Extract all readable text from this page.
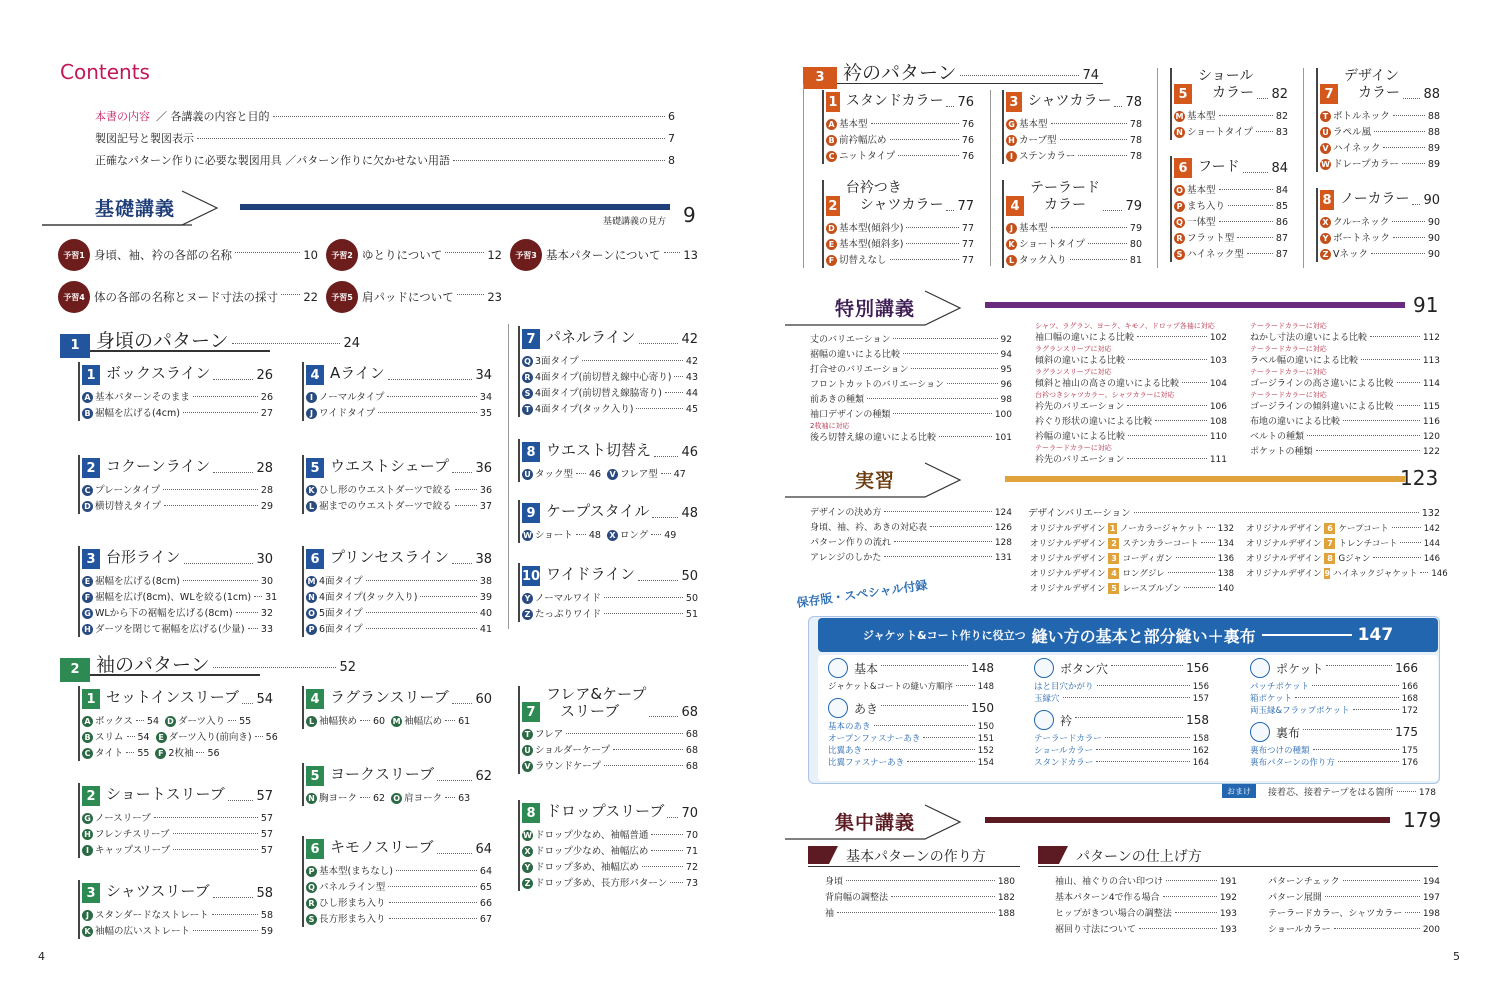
Contents
本書の内容 ／ 各講義の内容と目的	6
製図記号と製図表示	7
正確なパターン作りに必要な製図用具 ／パターン作りに欠かせない用語	8
基礎講義
基礎講義の見方 9
予習1 身頃、袖、衿の各部の名称	10	予習2 ゆとりについて	12	予習3 基本パターンについて 13
予習4 体の各部の名称とヌード寸法の採寸 22	予習5 肩パッドについて	23
1 身頃のパターン	24
1 ボックスライン	26
A 基本パターンそのまま	26
B 裾幅を広げる(4cm)	27
2 コクーンライン	28
C プレーンタイプ	28
D 横切替えタイプ	29
3 台形ライン	30
E 裾幅を広げる(8cm)	30
F 裾幅を広げ(8cm)、WLを絞る(1cm) 31
G WLから下の裾幅を広げる(8cm)	32
H ダーツを閉じて裾幅を広げる(少量) 33
4 Aライン	34
I ノーマルタイプ	34
J ワイドタイプ	35
5 ウエストシェープ 36
K ひし形のウエストダーツで絞る	36
L 裾までのウエストダーツで絞る	37
6 プリンセスライン 38
M 4面タイプ	38
N 4面タイプ(タック入り)	39
O 5面タイプ	40
P 6面タイプ	41
7 パネルライン	42
Q 3面タイプ	42
R 4面タイプ(前切替え線中心寄り) 43
S 4面タイプ(前切替え線脇寄り)	44
T 4面タイプ(タック入り)	45
8 ウエスト切替え 46
U タック型 46 V フレア型 47
9 ケープスタイル 48
W ショート 48	X ロング 49
10 ワイドライン	50
Y ノーマルワイド	50
Z たっぷりワイド	51
2 袖のパターン	52
1 セットインスリーブ 54
A ボックス 54 D ダーツ入り 55
B スリム 54	E ダーツ入り(前向き) 56
C タイト 55	F 2枚袖 56
2 ショートスリーブ 57
G ノースリーブ	57
H フレンチスリーブ	57
I キャップスリーブ	57
3 シャツスリーブ	58
J スタンダードなストレート	58
K 袖幅の広いストレート	59
4 ラグランスリーブ 60
L 袖幅狭め 60 M 袖幅広め 61
5 ヨークスリーブ	62
N 胸ヨーク 62 O 肩ヨーク 63
6 キモノスリーブ	64
P 基本型(まちなし)	64
Q パネルライン型	65
R ひし形まち入り	66
S 長方形まち入り	67
7
フレア&ケープ
スリーブ	68
T フレア	68
U ショルダーケープ	68
V ラウンドケープ	68
8 ドロップスリーブ 70
W ドロップ少なめ、袖幅普通	70
X ドロップ少なめ、袖幅広め	71
Y ドロップ多め、袖幅広め	72
Z ドロップ多め、長方形パターン 73
4
3 衿のパターン	74
1 スタンドカラー 76
A 基本型	76
B 前衿幅広め	76
C ニットタイプ	76
2
台衿つき
シャツカラー 77
D 基本型(傾斜少)	77
E 基本型(傾斜多)	77
F 切替えなし	77
3 シャツカラー 78
G 基本型	78
H カーブ型	78
I ステンカラー	78
4
テーラード
カラー	79
J 基本型	79
K ショートタイプ	80
L タック入り	81
5
ショール
カラー 82
M 基本型	82
N ショートタイプ 83
6 フード 84
O 基本型	84
P まち入り	85
Q 一体型	86
R フラット型	87
S ハイネック型	87
7
デザイン
カラー 88
T ボトルネック	88
U ラペル風	88
V ハイネック	89
W ドレープカラー	89
8 ノーカラー 90
X クルーネック	90
Y ボートネック	90
Z Vネック	90
特別講義	91
丈のバリエーション	92
裾幅の違いによる比較	94
打合せのバリエーション	95
フロントカットのバリエーション	96
前あきの種類	98
袖口デザインの種類	100
2枚袖に対応
後ろ切替え線の違いによる比較	101
シャツ、ラグラン、ヨーク、キモノ、ドロップ各袖に対応
袖口幅の違いによる比較	102
ラグランスリーブに対応
傾斜の違いによる比較	103
ラグランスリーブに対応
傾斜と袖山の高さの違いによる比較	104
台衿つきシャツカラー、シャツカラーに対応
衿先のバリエーション	106
衿ぐり形状の違いによる比較	108
衿幅の違いによる比較	110
テーラードカラーに対応
衿先のバリエーション	111
テーラードカラーに対応
ねかし寸法の違いによる比較	112
テーラードカラーに対応
ラペル幅の違いによる比較	113
テーラードカラーに対応
ゴージラインの高さ違いによる比較	114
テーラードカラーに対応
ゴージラインの傾斜違いによる比較	115
布地の違いによる比較	116
ベルトの種類	120
ポケットの種類	122
実習	123
デザインの決め方	124
身頃、袖、衿、あきの対応表	126
パターン作りの流れ	128
アレンジのしかた	131
デザインバリエーション	132
オリジナルデザイン 1 ノーカラージャケット 132
オリジナルデザイン 2 ステンカラーコート 134
オリジナルデザイン 3 コーディガン	136
オリジナルデザイン 4 ロングジレ	138
オリジナルデザイン 5 レースブルゾン	140
オリジナルデザイン 6 ケープコート	142
オリジナルデザイン 7 トレンチコート	144
オリジナルデザイン 8 Gジャン	146
オリジナルデザイン 9 ハイネックジャケット 146
保存版・スペシャル付録
ジャケット&コート作りに役立つ 縫い方の基本と部分縫い＋裏布	147
基本	148
ジャケット&コートの縫い方順序	148
あき	150
基本のあき	150
オープンファスナーあき	151
比翼あき	152
比翼ファスナーあき	154
ボタン穴	156
はと目穴かがり	156
玉縁穴	157
衿	158
テーラードカラー	158
ショールカラー	162
スタンドカラー	164
ポケット	166
パッチポケット	166
箱ポケット	168
両玉縁&フラップポケット	172
裏布	175
裏布つけの種類	175
裏布パターンの作り方	176
おまけ	接着芯、接着テープをはる箇所	178
集中講義	179
基本パターンの作り方	パターンの仕上げ方
身頃	180
背肩幅の調整法	182
袖	188
袖山、袖ぐりの合い印つけ	191
基本パターン4で作る場合	192
ヒップがきつい場合の調整法	193
裾回り寸法について	193
パターンチェック	194
パターン展開	197
テーラードカラー、シャツカラー 198
ショールカラー	200
5
